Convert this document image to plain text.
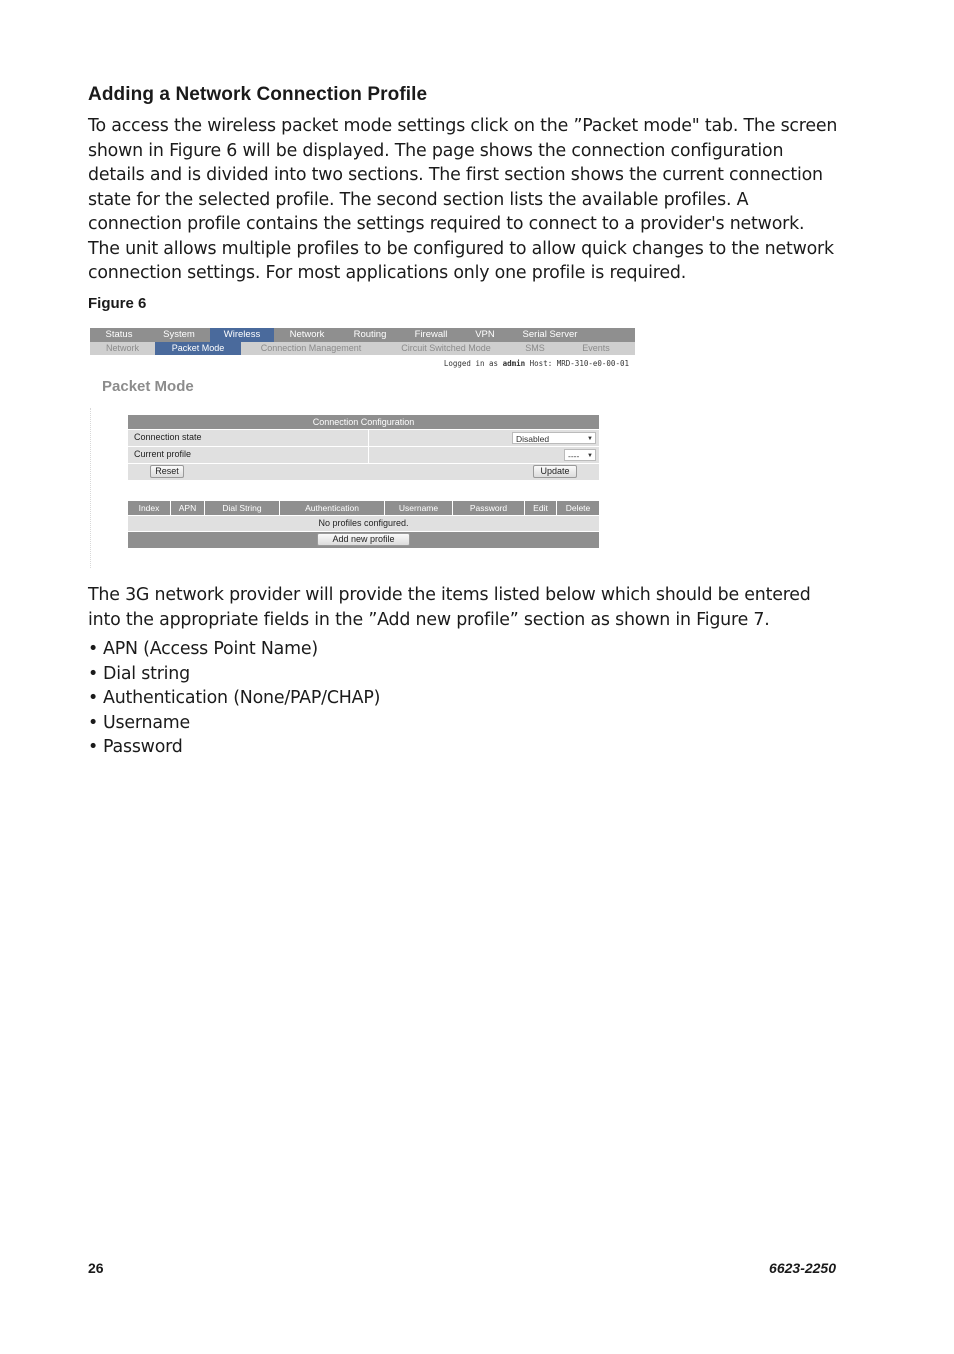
Adding a Network Connection Profile

To access the wireless packet mode settings click on the ”Packet mode" tab. The screen shown in Figure 6 will be displayed. The page shows the connection configuration details and is divided into two sections. The first section shows the current connection state for the selected profile. The second section lists the available profiles. A connection profile contains the settings required to connect to a provider's network. The unit allows multiple profiles to be configured to allow quick changes to the network connection settings. For most applications only one profile is required.

Figure 6
Status	System	Wireless	Network	Routing	Firewall	VPN	Serial Server
Network	Packet Mode	Connection Management	Circuit Switched Mode	SMS	Events
Logged in as admin Host: MRD-310-e0-00-01
Packet Mode
Connection Configuration
Connection state	Disabled	▼
Current profile	---- ▼
Reset	Update
Index	APN	Dial String	Authentication	Username	Password	Edit	Delete
No profiles configured.
Add new profile

The 3G network provider will provide the items listed below which should be entered into the appropriate fields in the ”Add new profile” section as shown in Figure 7.

• APN (Access Point Name)
• Dial string
• Authentication (None/PAP/CHAP)
• Username
• Password
26	6623-2250
